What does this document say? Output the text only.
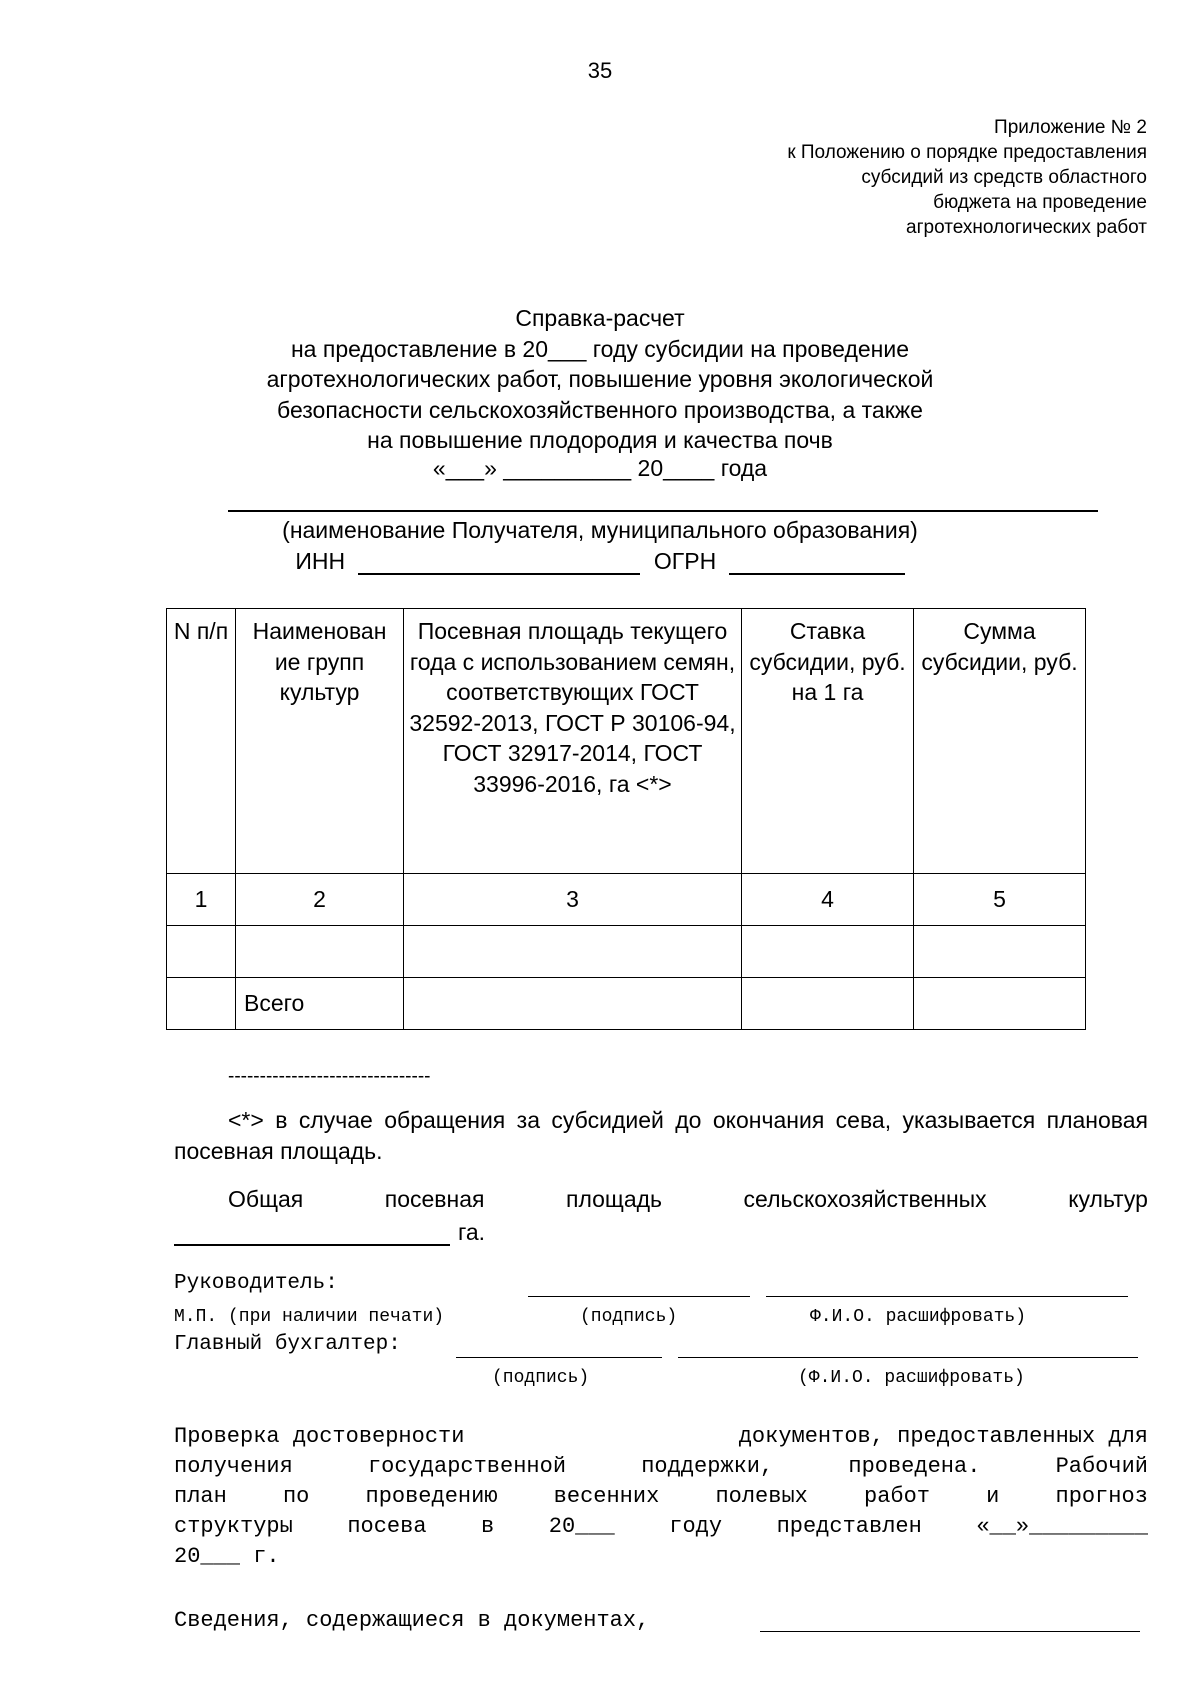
35
Приложение № 2
к Положению о порядке предоставления
субсидий из средств областного
бюджета на проведение
агротехнологических работ
Справка-расчет
на предоставление в 20___ году субсидии на проведение
агротехнологических работ, повышение уровня экологической
безопасности сельскохозяйственного производства, а также
на повышение плодородия и качества почв
«___» __________ 20____ года
(наименование Получателя, муниципального образования)
ИНН	ОГРН
N п/п	Наименован ие групп культур	Посевная площадь текущего года с использованием семян, соответствующих ГОСТ 32592-2013, ГОСТ Р 30106-94, ГОСТ 32917-2014, ГОСТ 33996-2016, га <*>	Ставка субсидии, руб. на 1 га	Сумма субсидии, руб.
1	2	3	4	5

	Всего			
--------------------------------
<*> в случае обращения за субсидией до окончания сева, указывается плановая посевная площадь.
Общая	посевная	площадь	сельскохозяйственных	культур
га.
Руководитель:
М.П. (при наличии печати)	(подпись)	Ф.И.О. расшифровать)
Главный бухгалтер:
(подпись)	(Ф.И.О. расшифровать)
Проверка достоверности	документов, предоставленных для
получения	государственной	поддержки,	проведена.	Рабочий
план	по	проведению	весенних	полевых	работ	и	прогноз
структуры посева в 20___ году представлен «__»_________
20___ г.
Сведения, содержащиеся в документах,
